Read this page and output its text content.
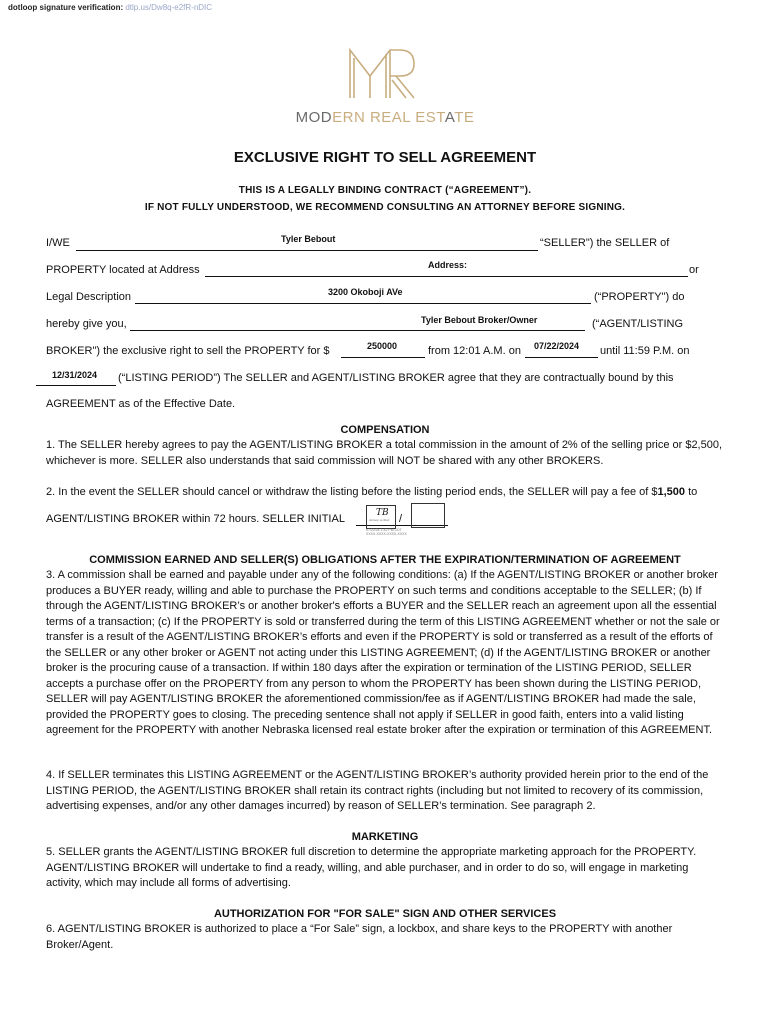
dotloop signature verification: dtlp.us/Dw8q-e2fR-nDIC
MODERN REAL ESTATE
EXCLUSIVE RIGHT TO SELL AGREEMENT
THIS IS A LEGALLY BINDING CONTRACT (“AGREEMENT”).
IF NOT FULLY UNDERSTOOD, WE RECOMMEND CONSULTING AN ATTORNEY BEFORE SIGNING.
I/WE	Tyler Bebout	“SELLER") the SELLER of
PROPERTY located at Address	Address:	or
Legal Description	3200 Okoboji AVe	(“PROPERTY") do
hereby give you,	Tyler Bebout Broker/Owner	(“AGENT/LISTING
BROKER") the exclusive right to sell the PROPERTY for $	250000	from 12:01 A.M. on 07/22/2024 until 11:59 P.M. on
12/31/2024 (“LISTING PERIOD”) The SELLER and AGENT/LISTING BROKER agree that they are contractually bound by this
AGREEMENT as of the Effective Date.
COMPENSATION
1. The SELLER hereby agrees to pay the AGENT/LISTING BROKER a total commission in the amount of 2% of the selling price or $2,500, whichever is more. SELLER also understands that said commission will NOT be shared with any other BROKERS.
2. In the event the SELLER should cancel or withdraw the listing before the listing period ends, the SELLER will pay a fee of $1,500 to
AGENT/LISTING BROKER within 72 hours. SELLER INITIAL	TB
dotloop verified
07/22/24 1:42 PM CDT
XXXX-XXXX-XXXX-XXXX
/
COMMISSION EARNED AND SELLER(S) OBLIGATIONS AFTER THE EXPIRATION/TERMINATION OF AGREEMENT
3. A commission shall be earned and payable under any of the following conditions: (a) If the AGENT/LISTING BROKER or another broker produces a BUYER ready, willing and able to purchase the PROPERTY on such terms and conditions acceptable to the SELLER; (b) If through the AGENT/LISTING BROKER’s or another broker's efforts a BUYER and the SELLER reach an agreement upon all the essential terms of a transaction; (c) If the PROPERTY is sold or transferred during the term of this LISTING AGREEMENT whether or not the sale or transfer is a result of the AGENT/LISTING BROKER’s efforts and even if the PROPERTY is sold or transferred as a result of the efforts of the SELLER or any other broker or AGENT not acting under this LISTING AGREEMENT; (d) If the AGENT/LISTING BROKER or another broker is the procuring cause of a transaction. If within 180 days after the expiration or termination of the LISTING PERIOD, SELLER accepts a purchase offer on the PROPERTY from any person to whom the PROPERTY has been shown during the LISTING PERIOD, SELLER will pay AGENT/LISTING BROKER the aforementioned commission/fee as if AGENT/LISTING BROKER had made the sale, provided the PROPERTY goes to closing. The preceding sentence shall not apply if SELLER in good faith, enters into a valid listing agreement for the PROPERTY with another Nebraska licensed real estate broker after the expiration or termination of this AGREEMENT.
4. If SELLER terminates this LISTING AGREEMENT or the AGENT/LISTING BROKER’s authority provided herein prior to the end of the LISTING PERIOD, the AGENT/LISTING BROKER shall retain its contract rights (including but not limited to recovery of its commission, advertising expenses, and/or any other damages incurred) by reason of SELLER’s termination. See paragraph 2.
MARKETING
5. SELLER grants the AGENT/LISTING BROKER full discretion to determine the appropriate marketing approach for the PROPERTY. AGENT/LISTING BROKER will undertake to find a ready, willing, and able purchaser, and in order to do so, will engage in marketing activity, which may include all forms of advertising.
AUTHORIZATION FOR "FOR SALE" SIGN AND OTHER SERVICES
6. AGENT/LISTING BROKER is authorized to place a “For Sale” sign, a lockbox, and share keys to the PROPERTY with another Broker/Agent.
